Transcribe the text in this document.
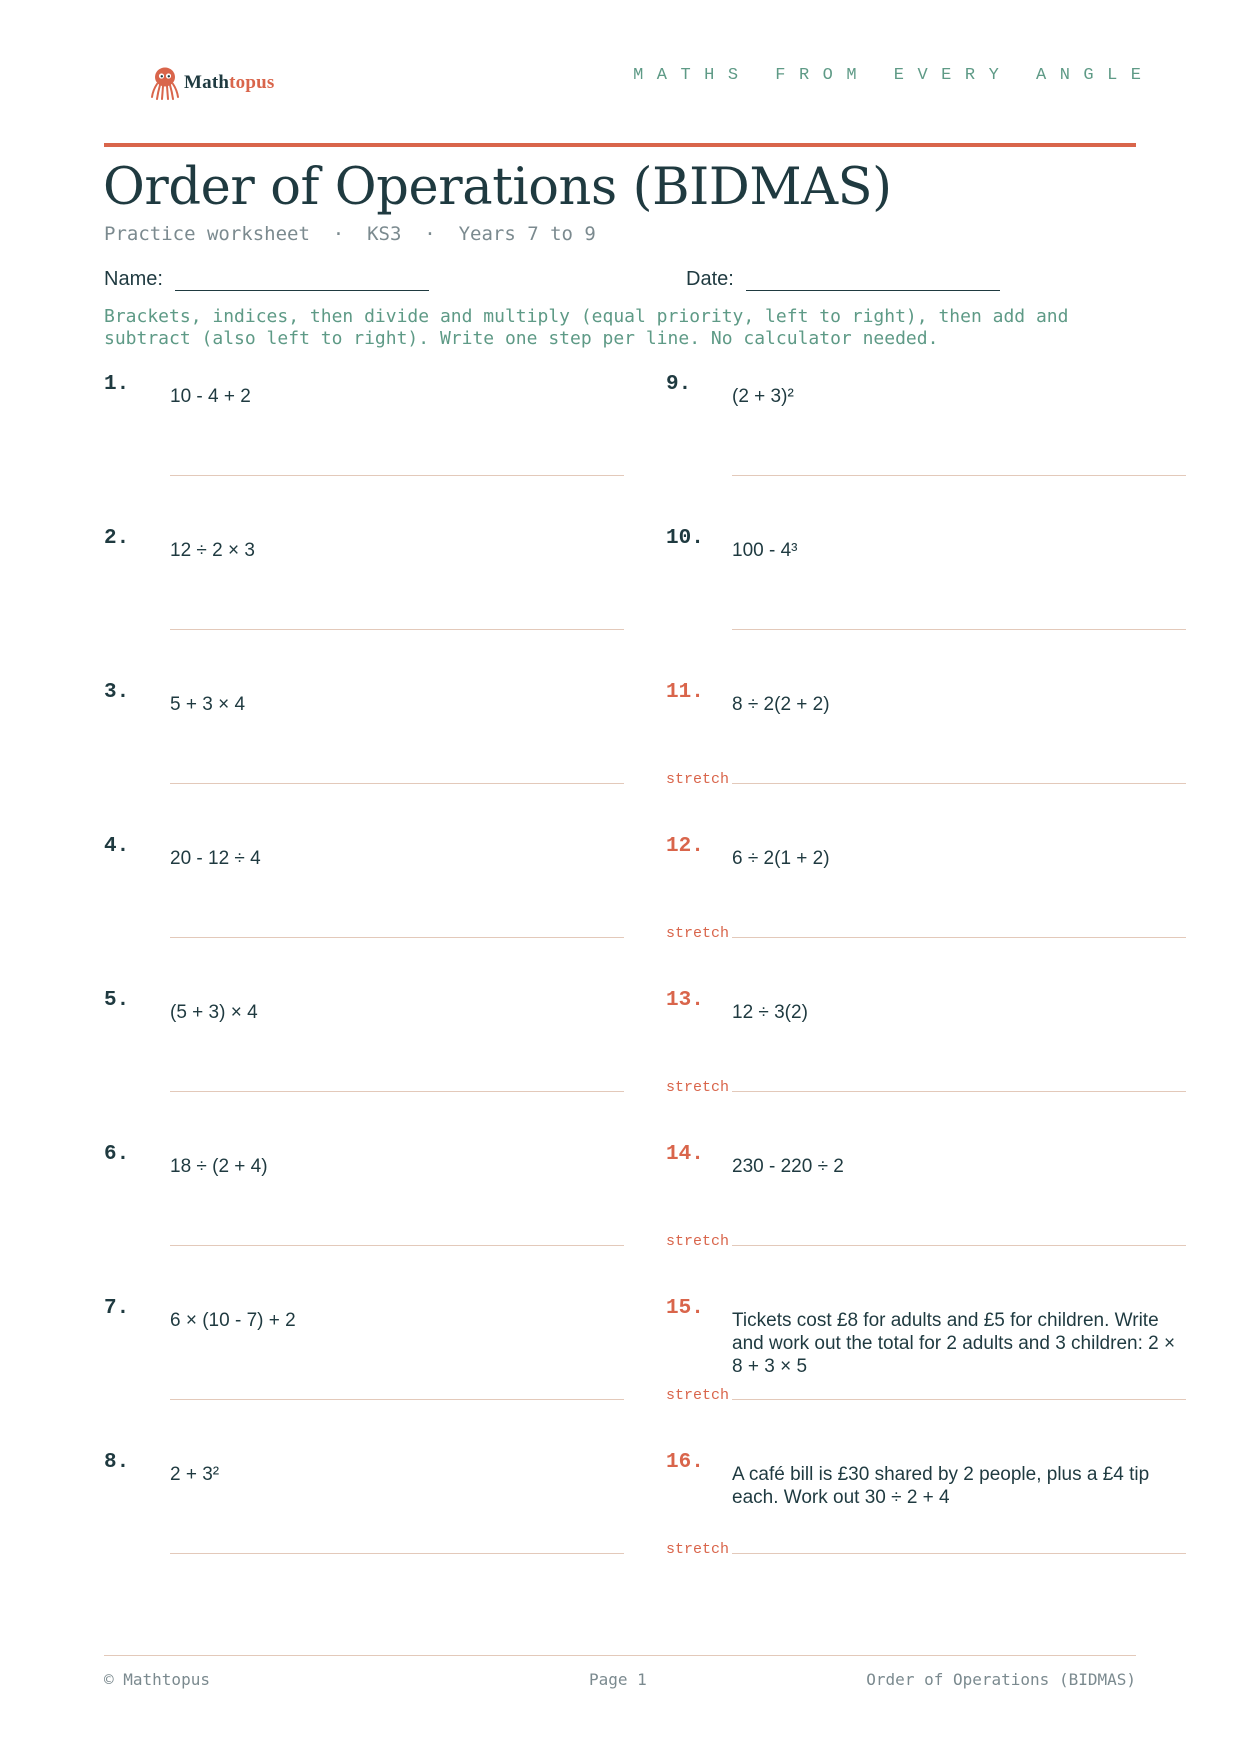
Mathtopus	MATHS FROM EVERY ANGLE
Order of Operations (BIDMAS)
Practice worksheet  ·  KS3  ·  Years 7 to 9
Name:	Date:
Brackets, indices, then divide and multiply (equal priority, left to right), then add and subtract (also left to right). Write one step per line. No calculator needed.
1.
10 - 4 + 2
2.
12 ÷ 2 × 3
3.
5 + 3 × 4
4.
20 - 12 ÷ 4
5.
(5 + 3) × 4
6.
18 ÷ (2 + 4)
7.
6 × (10 - 7) + 2
8.
2 + 3²
9.
(2 + 3)²
10.
100 - 4³
11.
8 ÷ 2(2 + 2)
stretch
12.
6 ÷ 2(1 + 2)
stretch
13.
12 ÷ 3(2)
stretch
14.
230 - 220 ÷ 2
stretch
15.
Tickets cost £8 for adults and £5 for children. Write and work out the total for 2 adults and 3 children: 2 × 8 + 3 × 5
stretch
16.
A café bill is £30 shared by 2 people, plus a £4 tip each. Work out 30 ÷ 2 + 4
stretch
© Mathtopus	Page 1	Order of Operations (BIDMAS)
